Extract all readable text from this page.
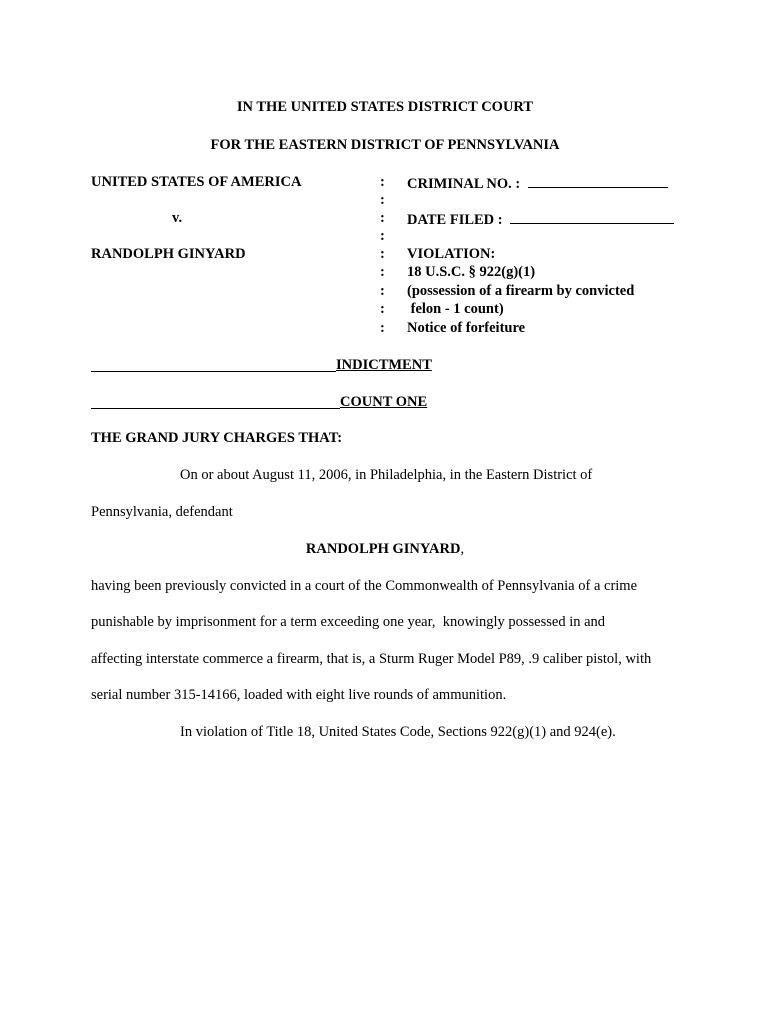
IN THE UNITED STATES DISTRICT COURT
FOR THE EASTERN DISTRICT OF PENNSYLVANIA
UNITED STATES OF AMERICA
v.
RANDOLPH GINYARD
:
:
:
:
:
:
:
:
:
CRIMINAL NO. :
DATE FILED :
VIOLATION:
18 U.S.C. § 922(g)(1)
(possession of a firearm by convicted
felon - 1 count)
Notice of forfeiture
INDICTMENT
COUNT ONE
THE GRAND JURY CHARGES THAT:
On or about August 11, 2006, in Philadelphia, in the Eastern District of
Pennsylvania, defendant
RANDOLPH GINYARD,
having been previously convicted in a court of the Commonwealth of Pennsylvania of a crime
punishable by imprisonment for a term exceeding one year,  knowingly possessed in and
affecting interstate commerce a firearm, that is, a Sturm Ruger Model P89, .9 caliber pistol, with
serial number 315-14166, loaded with eight live rounds of ammunition.
In violation of Title 18, United States Code, Sections 922(g)(1) and 924(e).
